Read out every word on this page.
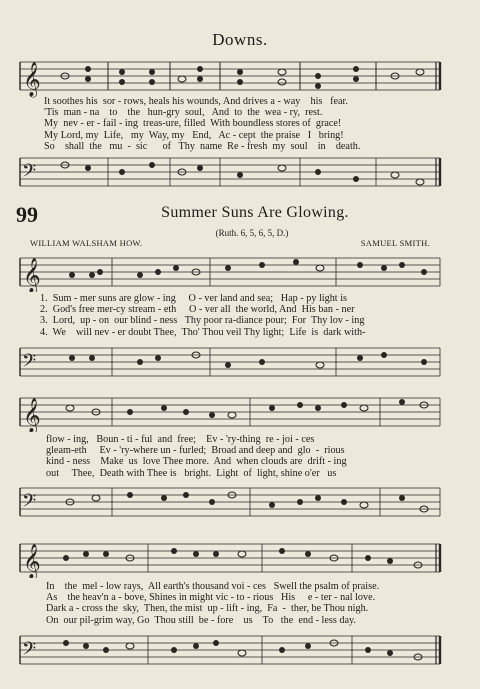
Downs.
𝄞
It soothes his  sor - rows, heals his wounds, And drives a - way    his   fear.
'Tis  man - na    to    the   hun-gry  soul,   And  to  the  wea - ry,  rest.
My  nev - er - fail - ing  treas-ure, filled  With boundless stores of  grace!
My Lord, my  Life,   my  Way, my   End,   Ac - cept  the praise   I   bring!
So    shall  the   mu  -  sic      of   Thy  name  Re - fresh  my  soul    in    death.
𝄢
99	Summer Suns Are Glowing.
(Ruth. 6, 5, 6, 5, D.)
WILLIAM WALSHAM HOW.	SAMUEL SMITH.
𝄞
1.  Sum - mer suns are glow - ing     O - ver land and sea;   Hap - py light is
2.  God's free mer-cy stream - eth     O - ver all  the world, And  His ban - ner
3.  Lord,  up - on  our blind - ness   Thy poor ra-diance pour;  For  Thy lov - ing
4.  We    will nev - er doubt Thee,  Tho' Thou veil Thy light;  Life  is  dark with-
𝄢
𝄞
flow - ing,   Boun - ti - ful  and  free;    Ev - 'ry-thing  re - joi - ces
gleam-eth     Ev - 'ry-where un - furled;  Broad and deep and  glo  -  rious
kind - ness    Make  us  love Thee more.  And  when clouds are  drift - ing
out     Thee,  Death with Thee is   bright.  Light  of  light, shine o'er   us
𝄢
𝄞
In    the  mel - low rays,  All earth's thousand voi - ces   Swell the psalm of praise.
As    the heav'n a - bove, Shines in might vic - to - rious   His     e - ter - nal love.
Dark a - cross the  sky,  Then, the mist  up - lift - ing,  Fa  -  ther, be Thou nigh.
On  our pil-grim way, Go  Thou still  be - fore    us    To   the  end - less day.
𝄢
